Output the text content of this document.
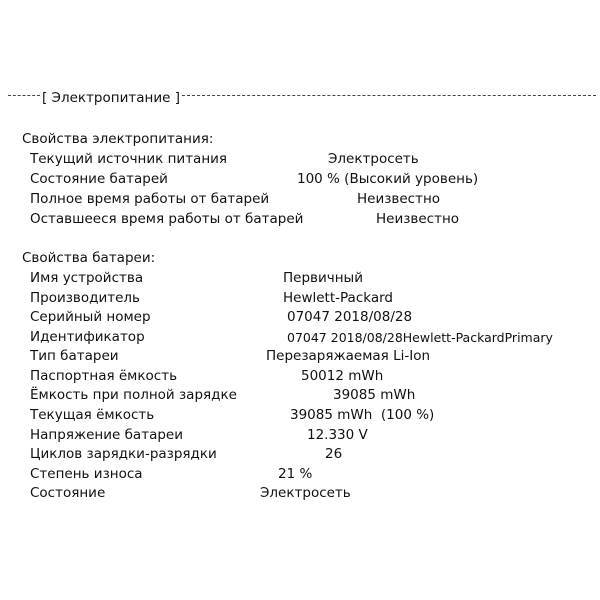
[ Электропитание ]
Свойства электропитания:
Текущий источник питания	Электросеть
Состояние батарей	100 % (Высокий уровень)
Полное время работы от батарей	Неизвестно
Оставшееся время работы от батарей	Неизвестно
Свойства батареи:
Имя устройства	Первичный
Производитель	Hewlett-Packard
Серийный номер	07047 2018/08/28
Идентификатор	07047 2018/08/28Hewlett-PackardPrimary
Тип батареи	Перезаряжаемая Li-Ion
Паспортная ёмкость	50012 mWh
Ёмкость при полной зарядке	39085 mWh
Текущая ёмкость	39085 mWh  (100 %)
Напряжение батареи	12.330 V
Циклов зарядки-разрядки	26
Степень износа	21 %
Состояние	Электросеть
